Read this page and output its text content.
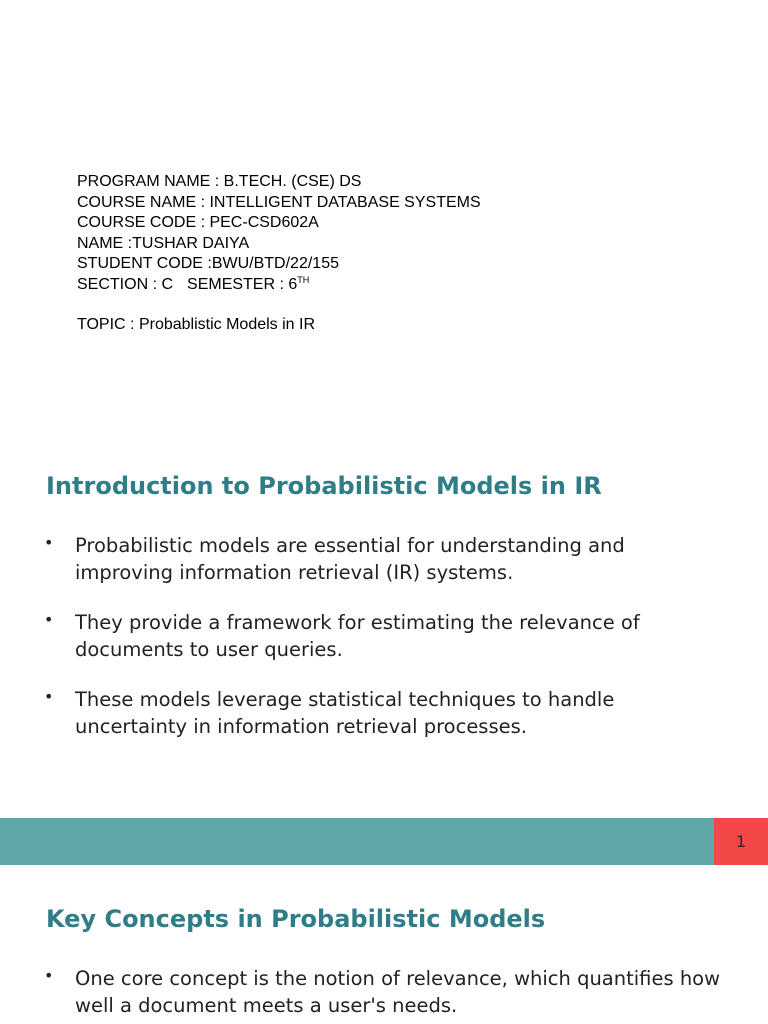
PROGRAM NAME : B.TECH. (CSE) DS
COURSE NAME : INTELLIGENT DATABASE SYSTEMS
COURSE CODE : PEC-CSD602A
NAME :TUSHAR DAIYA
STUDENT CODE :BWU/BTD/22/155
SECTION : C SEMESTER : 6TH
TOPIC : Probablistic Models in IR
Introduction to Probabilistic Models in IR
• Probabilistic models are essential for understanding and improving information retrieval (IR) systems.
• They provide a framework for estimating the relevance of documents to user queries.
• These models leverage statistical techniques to handle uncertainty in information retrieval processes.
1
Key Concepts in Probabilistic Models
• One core concept is the notion of relevance, which quantifies how well a document meets a user's needs.
